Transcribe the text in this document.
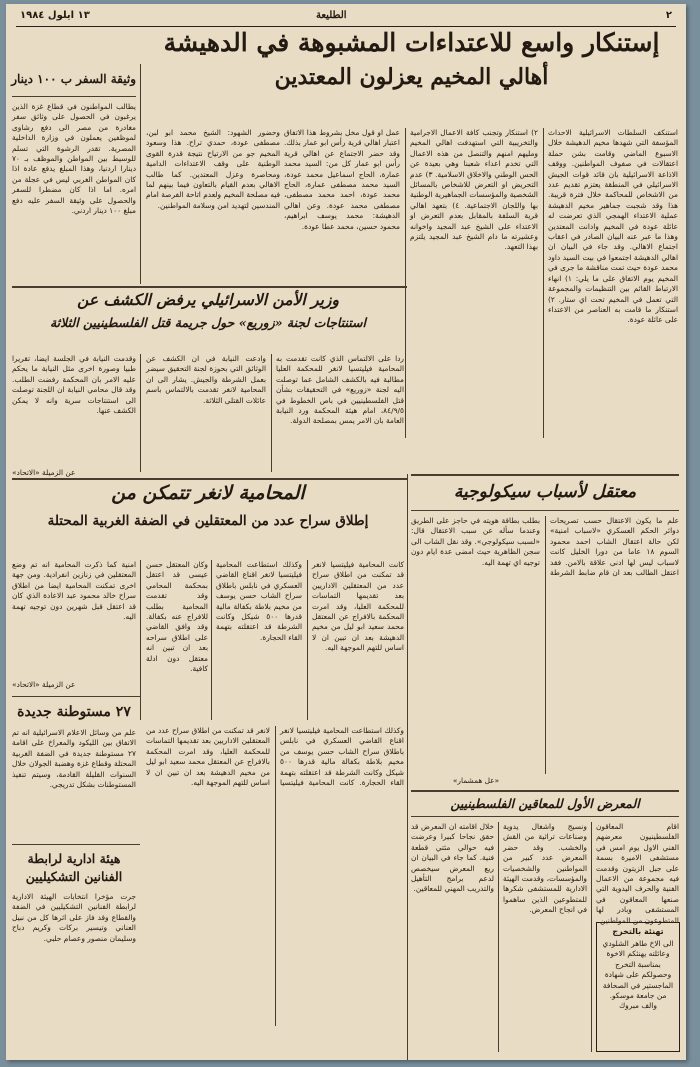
٢
الطليعة
١٣ ايلول ١٩٨٤
إستنكار واسع للاعتداءات المشبوهة في الدهيشة
أهالي المخيم يعزلون المعتدين
استنكف السلطات الاسرائيلية الاحداث المؤسفة التي شهدها مخيم الدهيشة خلال الاسبوع الماضي وقامت بشن حملة اعتقالات في صفوف المواطنين. ووقف الاذاعة الاسرائيلية بان قائد قوات الجيش الاسرائيلي في المنطقة يعتزم تقديم عدد من الاشخاص للمحاكمة خلال فترة قريبة. هذا وقد شجبت جماهير مخيم الدهيشة عملية الاعتداء الهمجي الذي تعرضت له عائلة عودة في المخيم وادانت المعتدين وهذا ما عبر عنه البيان الصادر في اعقاب اجتماع الاهالي. وقد جاء في البيان ان اهالي الدهيشة اجتمعوا في بيت السيد داود محمد عودة حيث تمت مناقشة ما جرى في المخيم يوم الاتفاق على ما يلي: ١) انهاء الارتباط القائم بين التنظيمات والمجموعة التي تعمل في المخيم تحت اي ستار. ٢) استنكار ما قامت به العناصر من الاعتداء على عائلة عودة.
٢) استنكار وتجنب كافة الاعمال الاجرامية والتخريبية التي استهدفت اهالي المخيم ومليهم امنهم والتنصل من هذه الاعمال التي تخدم اعداء شعبنا وهي بعيدة عن الحس الوطني والاخلاق الاسلامية. ٣) عدم التحريض او التعرض للاشخاص بالمسائل الشخصية والمؤسسات الجماهيرية الوطنية بها واللجان الاجتماعية. ٤) بتعهد اهالي قرية السلفة بالمقابل بعدم التعرض او الاعتداء على الشيخ عبد المجيد واخوانه وعشيرته ما دام الشيخ عبد المجيد يلتزم بهذا التعهد.
عمل او قول مخل بشروط هذا الاتفاق اعتبار اهالي قرية رأس ابو عمار بذلك. وقد حضر الاجتماع عن اهالي قرية رأس ابو عمار كل من: السيد محمد عمارة، الحاج اسماعيل محمد عودة، السيد محمد مصطفى عمارة، الحاج محمد عودة، احمد محمد مصطفى، مصطفى محمد عودة. وعن اهالي الدهيشة: محمد يوسف ابراهيم، محمود حسين، محمد عطا عودة.
وحضور الشهود: الشيخ محمد ابو لبن، مصطفى عودة، حمدي تراح. هذا وسعود المخيم جو من الارتياح نتيجة قدرة القوى الوطنية على وقف الاعتداءات الدامية ومحاصرة وعزل المعتدين. كما طالب الاهالي بعدم القيام بالتعاون فيما بينهم لما فيه مصلحة المخيم ولعدم اتاحة الفرصة امام المندسين لتهديد امن وسلامة المواطنين.
وثيقة السفر ب ١٠٠ دينار
يطالب المواطنون في قطاع غزة الذين يرغبون في الحصول على وثائق سفر مغادرة من مصر الى دفع رشاوى لموظفين يعملون في وزارة الداخلية المصرية. تقدر الرشوة التي تسلم للوسيط بين المواطن والموظف بـ ٧٠ دينارا اردنيا، وهذا المبلغ يدفع عادة اذا كان المواطن الغربي ليس في عجلة من امره. اما اذا كان مضطرا للسفر والحصول على وثيقة السفر عليه دفع مبلغ ١٠٠ دينار اردني.
وزير الأمن الاسرائيلي يرفض الكشف عن
استنتاجات لجنة «زوريع» حول جريمة قتل الفلسطينيين الثلاثة
ردا على الالتماس الذي كانت تقدمت به المحامية فيليتسيا لانغر للمحكمة العليا مطالبة فيه بالكشف الشامل عما توصلت اليه لجنة «زوريع» في التحقيقات بشأن قتل الفلسطينيين في باص الخطوط في ٨٤/٩/٥، امام هيئة المحكمة ورد النيابة العامة بان الامر يمس بمصلحة الدولة.
وادعت النيابة في ان الكشف عن الوثائق التي بحوزة لجنة التحقيق سيضر بعمل الشرطة والجيش. يشار الى ان المحامية لانغر تقدمت بالالتماس باسم عائلات القتلى الثلاثة.
وقدمت النيابة في الجلسة ايضا، تقريرا طبيا وصورة اخرى مثل النيابة ما يحكم عليه الامر بان المحكمة رفضت الطلب. وقد قال محامي النيابة ان اللجنة توصلت الى استنتاجات سرية وانه لا يمكن الكشف عنها.
عن الزميلة «الاتحاد»
معتقل لأسباب سيكولوجية
علم ما يكون الاعتقال حسب تصريحات دوائر الحكم العسكري «لاسباب امنية» لكن حالة اعتقال الشاب احمد محمود السوم ١٨ عاما من دورا الخليل كانت لاسباب ليس لها ادنى علاقة بالامن. فقد اعتقل الطالب بعد ان قام ضابط الشرطة بطلب بطاقة هويته في حاجز على الطريق وعندما سأله عن سبب الاعتقال قال: «لسبب سيكولوجي». وقد نقل الشاب الى سجن الظاهرية حيث امضى عدة ايام دون توجيه اي تهمة اليه.
«عل همشمار»
المحامية لانغر تتمكن من
إطلاق سراح عدد من المعتقلين في الضفة الغربية المحتلة
كانت المحامية فيليتسيا لانغر قد تمكنت من اطلاق سراح عدد من المعتقلين الاداريين بعد تقديمها التماسات للمحكمة العليا، وقد امرت المحكمة بالافراج عن المعتقل محمد سعيد ابو ليل من مخيم الدهيشة بعد ان تبين ان لا اساس للتهم الموجهة اليه.
وكذلك استطاعت المحامية فيليتسيا لانغر اقناع القاضي العسكري في نابلس باطلاق سراح الشاب حسن يوسف من مخيم بلاطة بكفالة مالية قدرها ٥٠٠ شيكل وكانت الشرطة قد اعتقلته بتهمة القاء الحجارة.
وكان المعتقل حسن عيسى قد اعتقل بمحكمة المحامي وقد تقدمت المحامية بطلب للافراج عنه بكفالة. وقد وافق القاضي على اطلاق سراحه بعد ان تبين انه معتقل دون ادلة كافية.
امنية كما ذكرت المحامية انه تم وضع المعتقلين في زنازين انفرادية. ومن جهة اخرى تمكنت المحامية ايضا من اطلاق سراح خالد محمود عبد الاعادة الذي كان قد اعتقل قبل شهرين دون توجيه تهمة اليه.
عن الزميلة «الاتحاد»
٢٧ مستوطنة جديدة
علم من وسائل الاعلام الاسرائيلية انه تم الاتفاق بين الليكود والمعراخ على اقامة ٢٧ مستوطنة جديدة في الضفة الغربية المحتلة وقطاع غزة وهضبة الجولان خلال السنوات القليلة القادمة، وسيتم تنفيذ المستوطنات بشكل تدريجي.
هيئة ادارية لرابطة الفنانين التشكيليين
جرت مؤخرا انتخابات الهيئة الادارية لرابطة الفنانين التشكيليين في الضفة والقطاع وقد فاز على اثرها كل من نبيل العناني وتيسير بركات وكريم دباح وسليمان منصور وعصام حلبي.
وكذلك استطاعت المحامية فيليتسيا لانغر اقناع القاضي العسكري في نابلس باطلاق سراح الشاب حسن يوسف من مخيم بلاطة بكفالة مالية قدرها ٥٠٠ شيكل وكانت الشرطة قد اعتقلته بتهمة القاء الحجارة. كانت المحامية فيليتسيا لانغر قد تمكنت من اطلاق سراح عدد من المعتقلين الاداريين بعد تقديمها التماسات للمحكمة العليا، وقد امرت المحكمة بالافراج عن المعتقل محمد سعيد ابو ليل من مخيم الدهيشة بعد ان تبين ان لا اساس للتهم الموجهة اليه.
المعرض الأول للمعاقين الفلسطينيين
اقام المعاقون الفلسطينيون معرضهم الفني الاول يوم امس في مستشفى الاميرة بسمة على جبل الزيتون وقدمت فيه مجموعة من الاعمال الفنية والحرف اليدوية التي صنعها المعاقون في المستشفى وبادر لها المتطوعون من المواطنين.
ونسيج واشغال يدوية وصناعات تراثية من القش والخشب. وقد حضر المعرض عدد كبير من المواطنين والشخصيات والمؤسسات، وقدمت الهيئة الادارية للمستشفى شكرها للمتطوعين الذين ساهموا في انجاح المعرض.
خلال اقامته ان المعرض قد حقق نجاحا كبيرا وعرضت فيه حوالي مئتي قطعة فنية. كما جاء في البيان ان ريع المعرض سيخصص لدعم برامج التأهيل والتدريب المهني للمعاقين.
تهنئة بالتخرج
الى الاخ طاهر الشلودي وعائلته يهنئكم الاخوة بمناسبة التخرج وحصولكم على شهادة الماجستير في الصحافة من جامعة موسكو. والف مبروك
